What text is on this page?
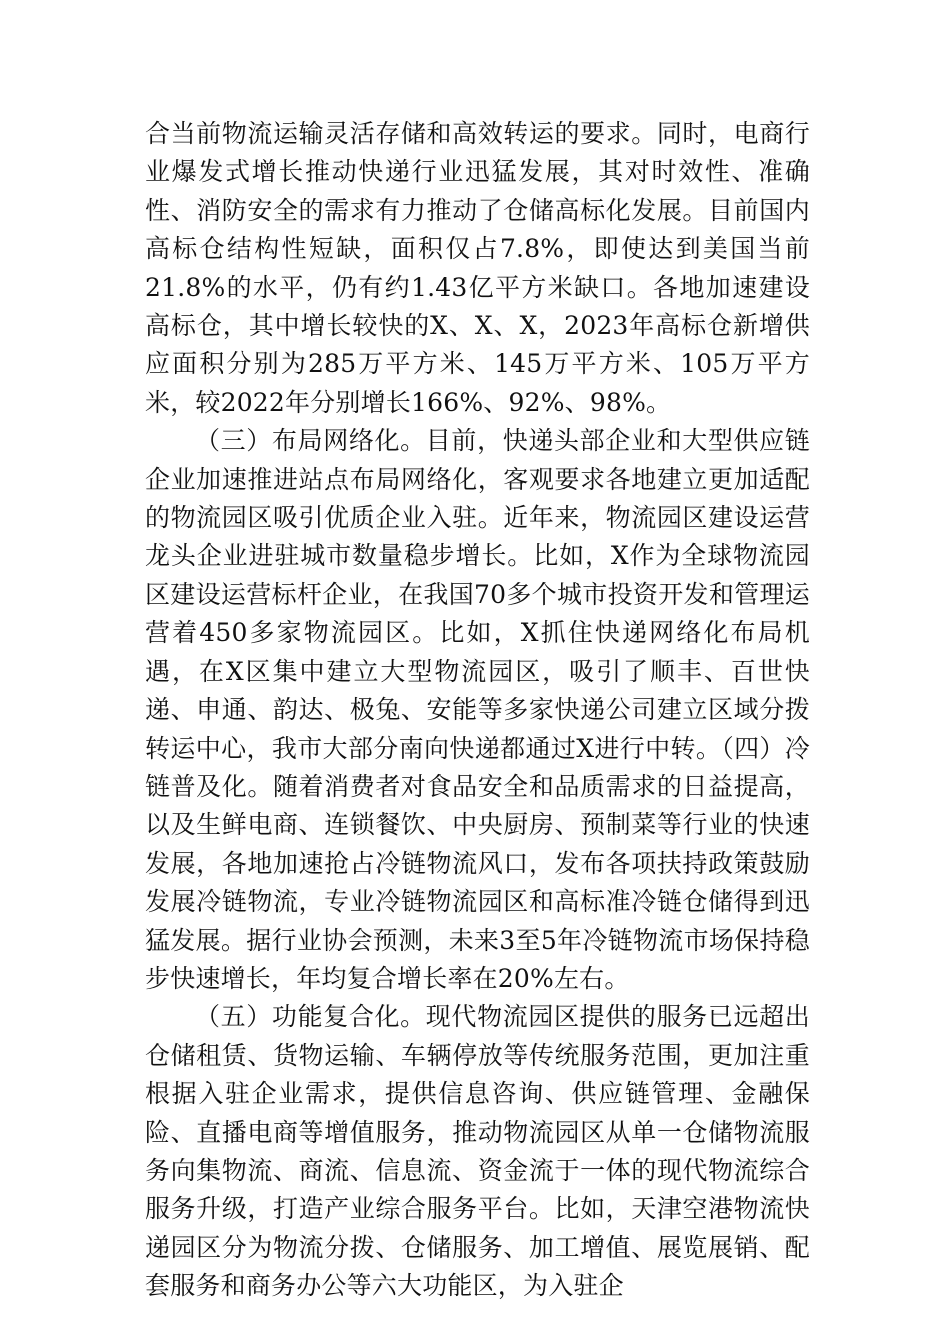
合当前物流运输灵活存储和高效转运的要求。同时，电商行业爆发式增长推动快递行业迅猛发展，其对时效性、准确性、消防安全的需求有力推动了仓储高标化发展。目前国内高标仓结构性短缺，面积仅占7.8%，即使达到美国当前21.8%的水平，仍有约1.43亿平方米缺口。各地加速建设高标仓，其中增长较快的X、X、X，2023年高标仓新增供应面积分别为285万平方米、145万平方米、105万平方米，较2022年分别增长166%、92%、98%。

（三）布局网络化。目前，快递头部企业和大型供应链企业加速推进站点布局网络化，客观要求各地建立更加适配的物流园区吸引优质企业入驻。近年来，物流园区建设运营龙头企业进驻城市数量稳步增长。比如，X作为全球物流园区建设运营标杆企业，在我国70多个城市投资开发和管理运营着450多家物流园区。比如，X抓住快递网络化布局机遇，在X区集中建立大型物流园区，吸引了顺丰、百世快递、申通、韵达、极兔、安能等多家快递公司建立区域分拨转运中心，我市大部分南向快递都通过X进行中转。（四）冷链普及化。随着消费者对食品安全和品质需求的日益提高，以及生鲜电商、连锁餐饮、中央厨房、预制菜等行业的快速发展，各地加速抢占冷链物流风口，发布各项扶持政策鼓励发展冷链物流，专业冷链物流园区和高标准冷链仓储得到迅猛发展。据行业协会预测，未来3至5年冷链物流市场保持稳步快速增长，年均复合增长率在20%左右。

（五）功能复合化。现代物流园区提供的服务已远超出仓储租赁、货物运输、车辆停放等传统服务范围，更加注重根据入驻企业需求，提供信息咨询、供应链管理、金融保险、直播电商等增值服务，推动物流园区从单一仓储物流服务向集物流、商流、信息流、资金流于一体的现代物流综合服务升级，打造产业综合服务平台。比如，天津空港物流快递园区分为物流分拨、仓储服务、加工增值、展览展销、配套服务和商务办公等六大功能区，为入驻企
